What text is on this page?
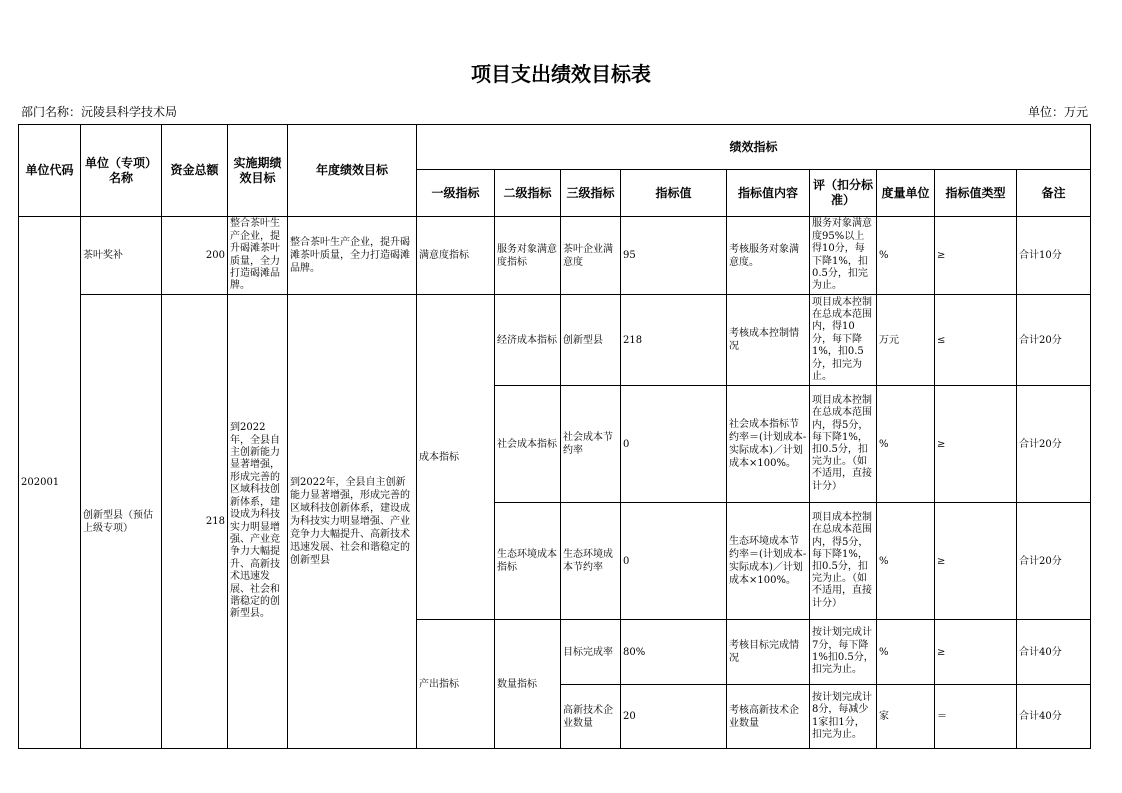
项目支出绩效目标表
部门名称：沅陵县科学技术局	单位：万元
单位代码	单位（专项）名称	资金总额	实施期绩效目标	年度绩效目标	绩效指标								
					一级指标	二级指标	三级指标	指标值	指标值内容	评（扣分标准）	度量单位	指标值类型	备注
202001	茶叶奖补	200	整合茶叶生产企业，提升碣滩茶叶质量，全力打造碣滩品牌。	整合茶叶生产企业，提升碣滩茶叶质量，全力打造碣滩品牌。	满意度指标	服务对象满意度指标	茶叶企业满意度	95	考核服务对象满意度。	服务对象满意度95%以上得10分，每下降1%，扣0.5分，扣完为止。	%	≥	合计10分
	创新型县（预估上级专项）	218	到2022年，全县自主创新能力显著增强，形成完善的区域科技创新体系，建设成为科技实力明显增强、产业竞争力大幅提升、高新技术迅速发展、社会和谐稳定的创新型县。	到2022年，全县自主创新能力显著增强，形成完善的区域科技创新体系，建设成为科技实力明显增强、产业竞争力大幅提升、高新技术迅速发展、社会和谐稳定的创新型县	成本指标	经济成本指标	创新型县	218	考核成本控制情况	项目成本控制在总成本范围内，得10分，每下降1%，扣0.5分，扣完为止。	万元	≤	合计20分
						社会成本指标	社会成本节约率	0	社会成本指标节约率＝(计划成本-实际成本)／计划成本×100%。	项目成本控制在总成本范围内，得5分，每下降1%，扣0.5分，扣完为止。（如不适用，直接计分）	%	≥	合计20分
						生态环境成本指标	生态环境成本节约率	0	生态环境成本节约率＝(计划成本-实际成本)／计划成本×100%。	项目成本控制在总成本范围内，得5分，每下降1%，扣0.5分，扣完为止。（如不适用，直接计分）	%	≥	合计20分
					产出指标	数量指标	目标完成率	80%	考核目标完成情况	按计划完成计7分，每下降1%扣0.5分，扣完为止。	%	≥	合计40分
							高新技术企业数量	20	考核高新技术企业数量	按计划完成计8分，每减少1家扣1分，扣完为止。	家	＝	合计40分
